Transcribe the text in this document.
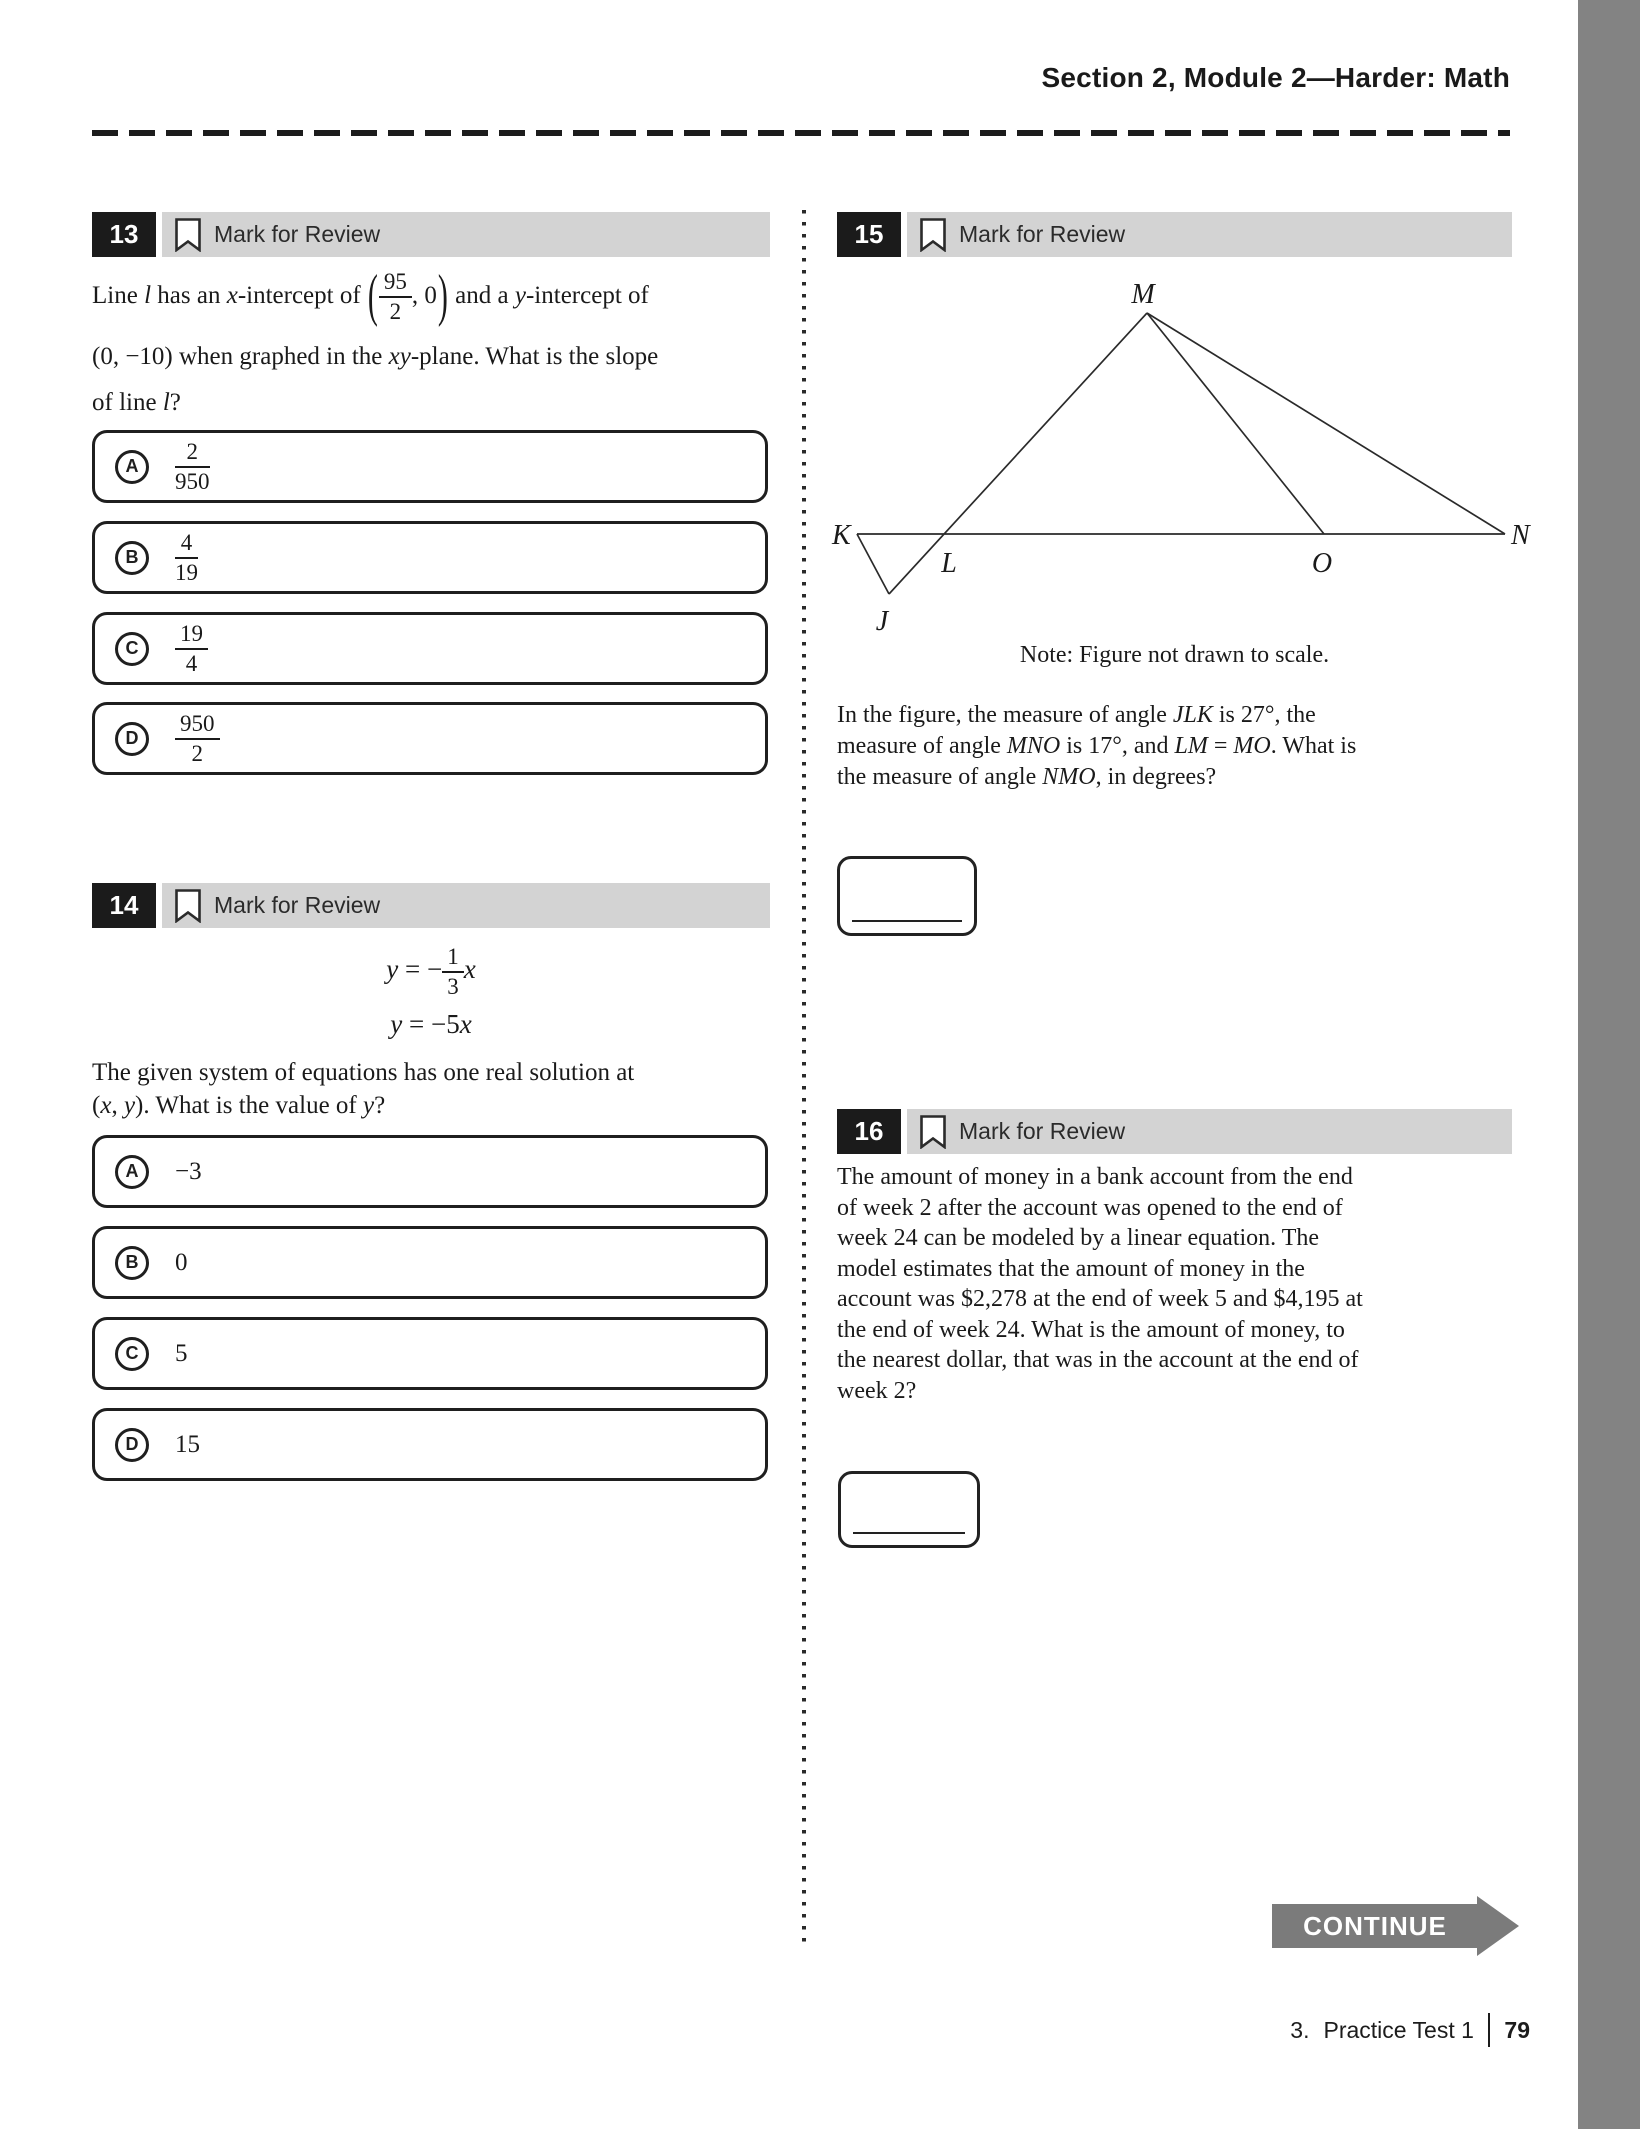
Section 2, Module 2—Harder: Math
13	Mark for Review
Line l has an x-intercept of ( $\frac{95}{2}$ , 0) and a y-intercept of
(0, −10) when graphed in the xy-plane. What is the slope
of line l?
A	$\frac{2}{950}$
B	$\frac{4}{19}$
C	$\frac{19}{4}$
D	$\frac{950}{2}$
14	Mark for Review
y = − $\frac{1}{3}$ x
y = −5x
The given system of equations has one real solution at
(x, y). What is the value of y?
A	−3
B	0
C	5
D	15
15	Mark for Review
M
K
L	O
N
J
Note: Figure not drawn to scale.
In the figure, the measure of angle JLK is 27°, the
measure of angle MNO is 17°, and LM = MO. What is
the measure of angle NMO, in degrees?
16	Mark for Review
The amount of money in a bank account from the end
of week 2 after the account was opened to the end of
week 24 can be modeled by a linear equation. The
model estimates that the amount of money in the
account was $2,278 at the end of week 5 and $4,195 at
the end of week 24. What is the amount of money, to
the nearest dollar, that was in the account at the end of
week 2?
CONTINUE
3. Practice Test 1 79
